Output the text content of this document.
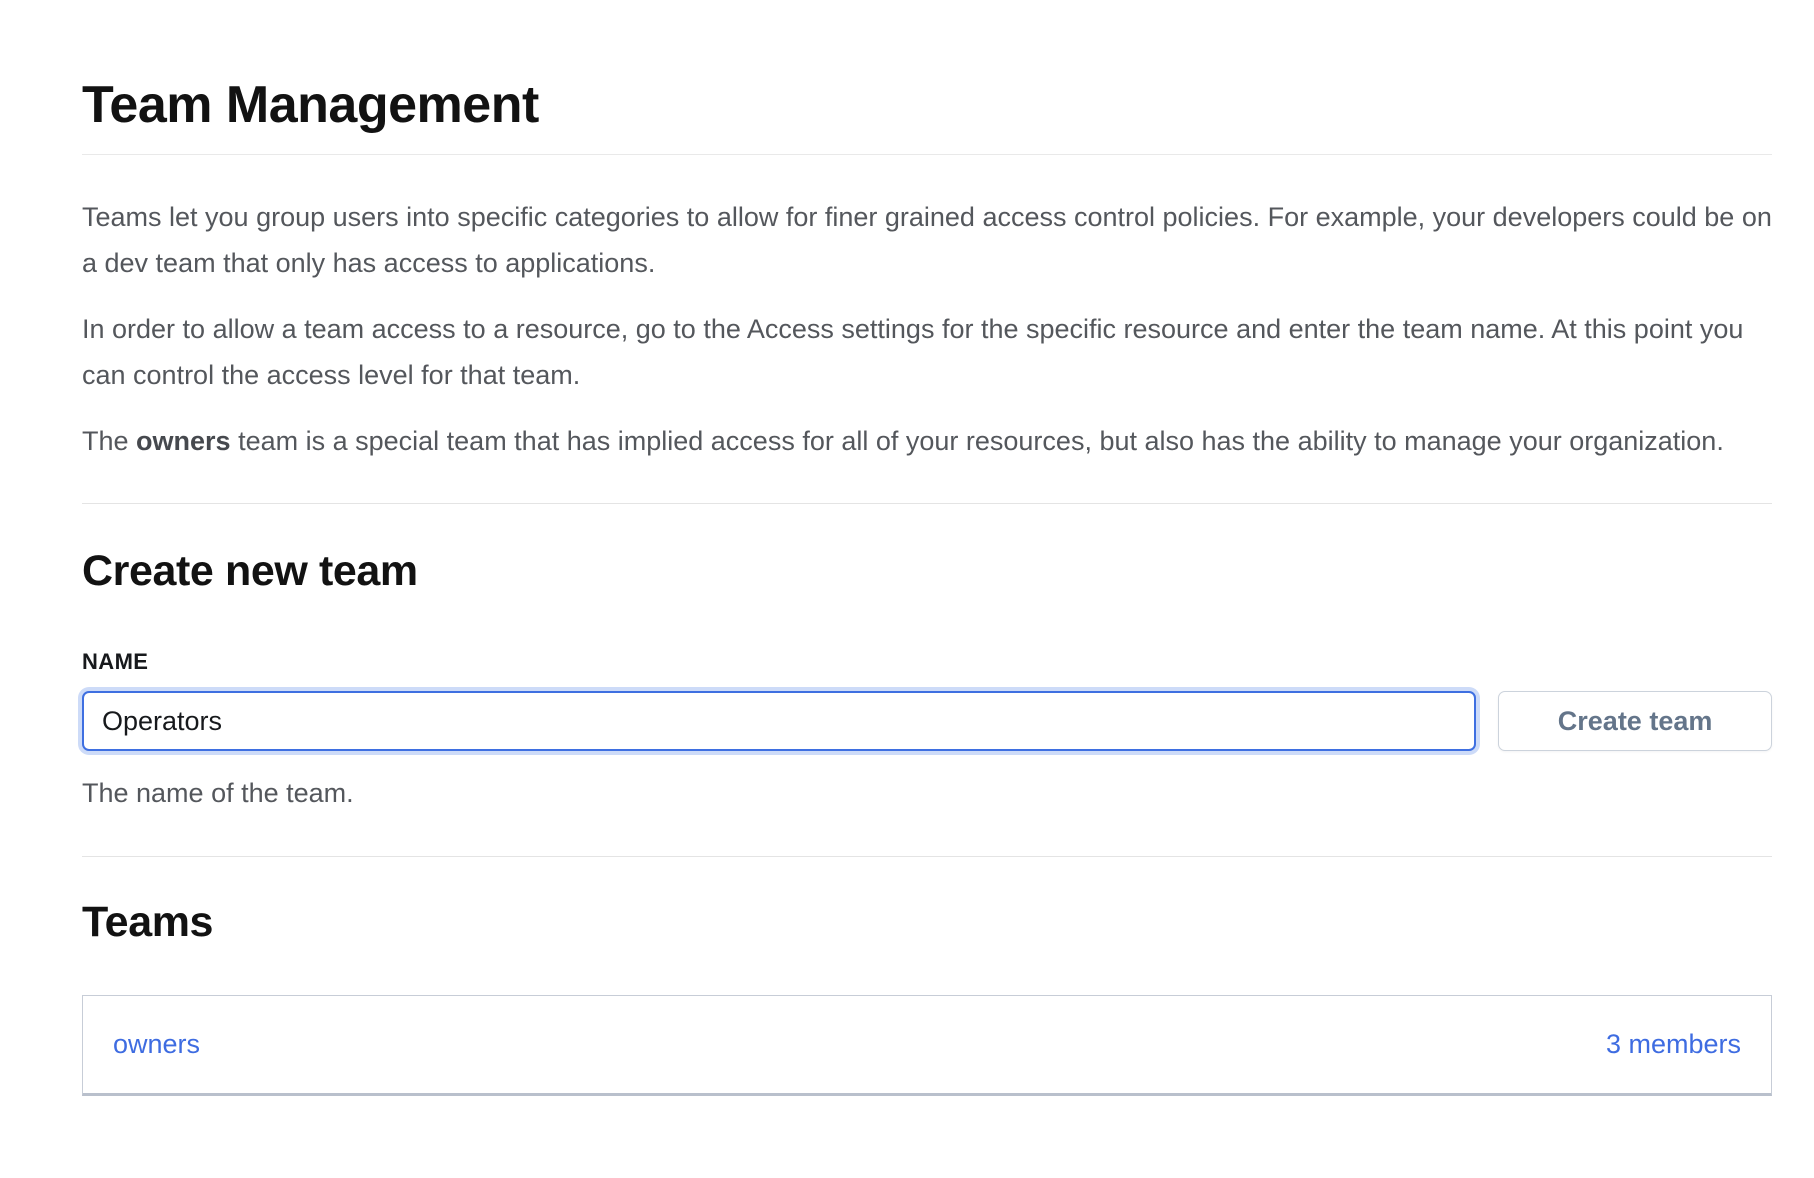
Team Management

Teams let you group users into specific categories to allow for finer grained access control policies. For example, your developers could be on a dev team that only has access to applications.

In order to allow a team access to a resource, go to the Access settings for the specific resource and enter the team name. At this point you can control the access level for that team.

The owners team is a special team that has implied access for all of your resources, but also has the ability to manage your organization.

Create new team
NAME
Operators
Create team

The name of the team.

Teams
owners	3 members
